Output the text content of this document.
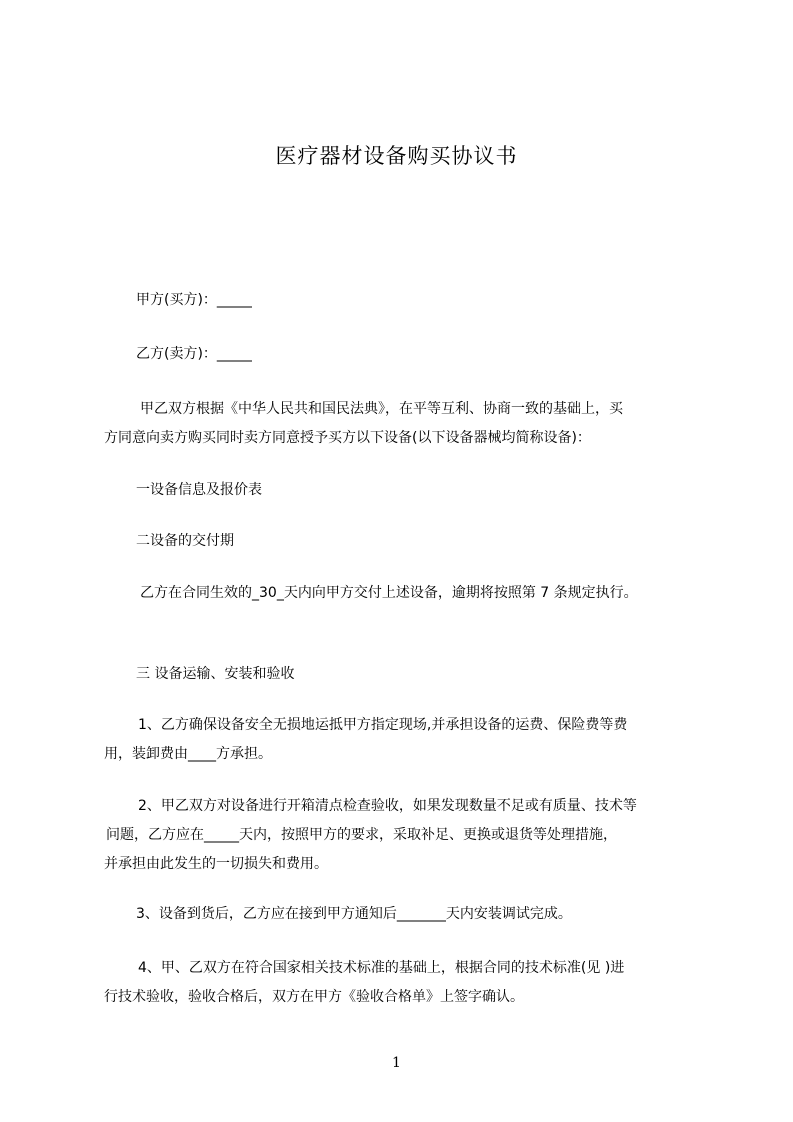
医疗器材设备购买协议书
甲方(买方)：_____
乙方(卖方)：_____
甲乙双方根据《中华人民共和国民法典》，在平等互利、协商一致的基础上，买
方同意向卖方购买同时卖方同意授予买方以下设备(以下设备器械均简称设备)：
一设备信息及报价表
二设备的交付期
乙方在合同生效的_30_天内向甲方交付上述设备，逾期将按照第 7 条规定执行。
三 设备运输、安装和验收
1、乙方确保设备安全无损地运抵甲方指定现场,并承担设备的运费、保险费等费
用，装卸费由____方承担。
2、甲乙双方对设备进行开箱清点检查验收，如果发现数量不足或有质量、技术等
问题，乙方应在_____天内，按照甲方的要求，采取补足、更换或退货等处理措施，
并承担由此发生的一切损失和费用。
3、设备到货后，乙方应在接到甲方通知后_______天内安装调试完成。
4、甲、乙双方在符合国家相关技术标准的基础上，根据合同的技术标准(见 )进
行技术验收，验收合格后，双方在甲方《验收合格单》上签字确认。
1
